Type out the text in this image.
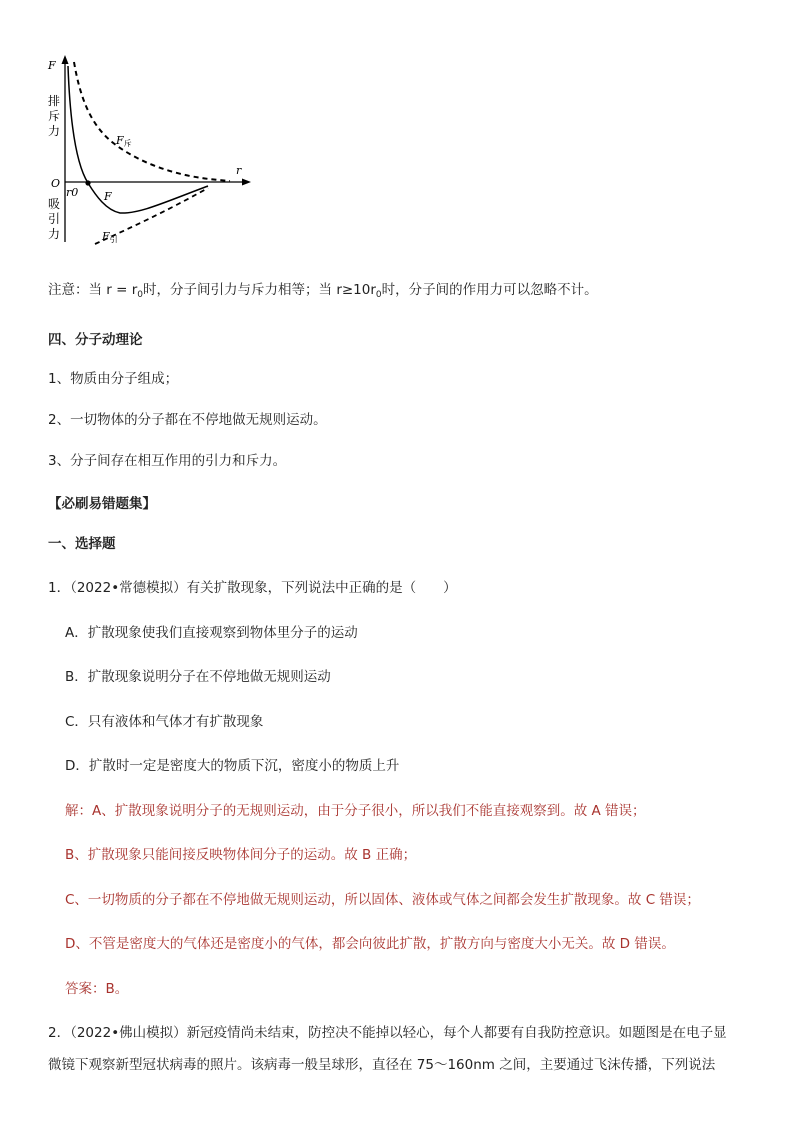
F
r
O
排
斥
力
吸
引
力
r0 F
F斥
F引
注意：当 $r = r_0$时，分子间引力与斥力相等；当 $r\ge 10r_0$时，分子间的作用力可以忽略不计。
四、分子动理论
1、物质由分子组成；
2、一切物体的分子都在不停地做无规则运动。
3、分子间存在相互作用的引力和斥力。
【必刷易错题集】
一、选择题
1．（2022•常德模拟）有关扩散现象，下列说法中正确的是（　　）
A．扩散现象使我们直接观察到物体里分子的运动
B．扩散现象说明分子在不停地做无规则运动
C．只有液体和气体才有扩散现象
D．扩散时一定是密度大的物质下沉，密度小的物质上升
解：A、扩散现象说明分子的无规则运动，由于分子很小，所以我们不能直接观察到。故 A 错误；
B、扩散现象只能间接反映物体间分子的运动。故 B 正确；
C、一切物质的分子都在不停地做无规则运动，所以固体、液体或气体之间都会发生扩散现象。故 C 错误；
D、不管是密度大的气体还是密度小的气体，都会向彼此扩散，扩散方向与密度大小无关。故 D 错误。
答案：B。
2．（2022•佛山模拟）新冠疫情尚未结束，防控决不能掉以轻心，每个人都要有自我防控意识。如题图是在电子显
微镜下观察新型冠状病毒的照片。该病毒一般呈球形，直径在 75～160nm 之间，主要通过飞沫传播，下列说法
